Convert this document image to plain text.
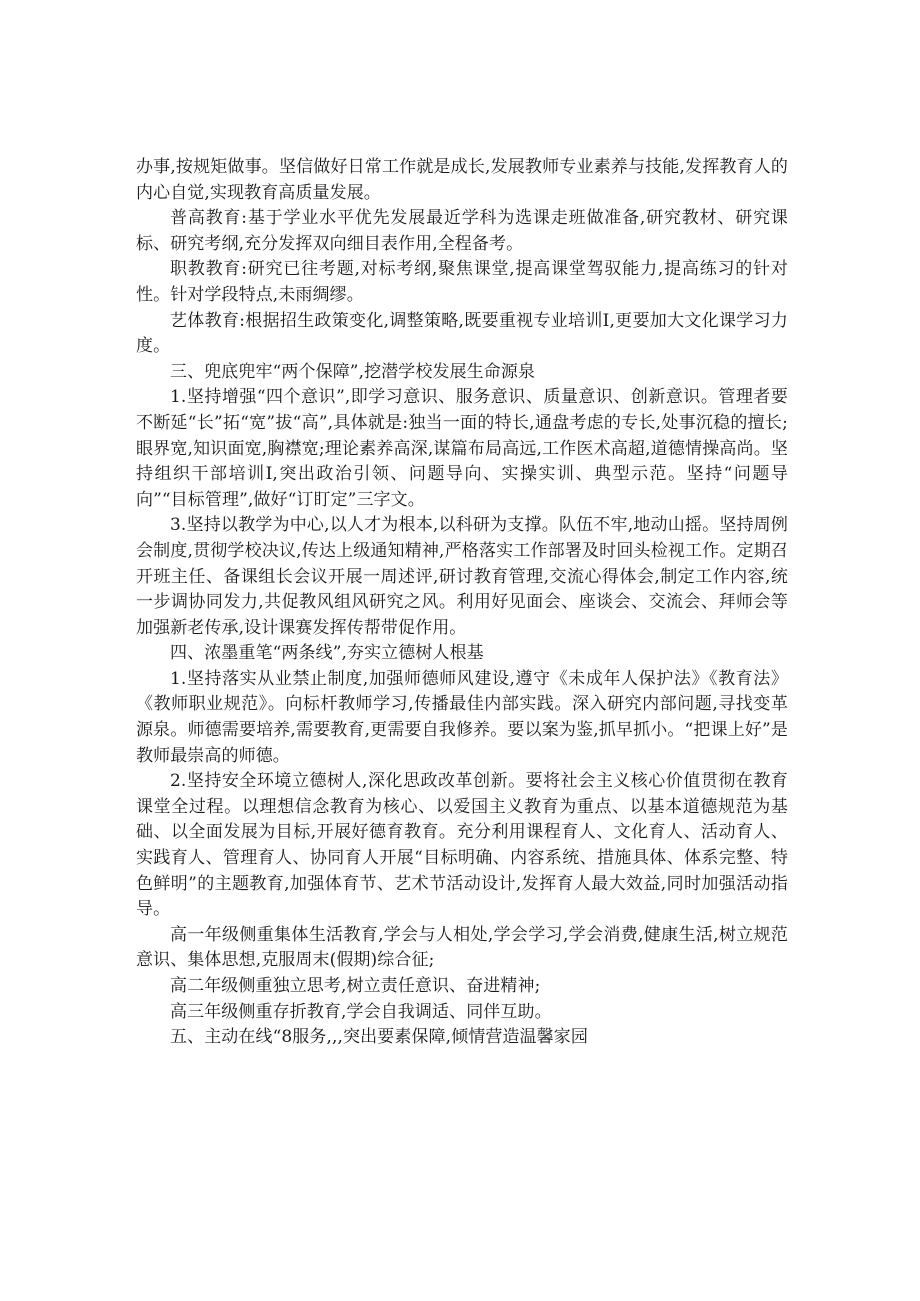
办事,按规矩做事。坚信做好日常工作就是成长,发展教师专业素养与技能,发挥教育人的内心自觉,实现教育高质量发展。

普高教育:基于学业水平优先发展最近学科为选课走班做准备,研究教材、研究课标、研究考纲,充分发挥双向细目表作用,全程备考。

职教教育:研究已往考题,对标考纲,聚焦课堂,提高课堂驾驭能力,提高练习的针对性。针对学段特点,未雨绸缪。

艺体教育:根据招生政策变化,调整策略,既要重视专业培训I,更要加大文化课学习力度。

三、兜底兜牢“两个保障”,挖潜学校发展生命源泉

1.坚持增强“四个意识”,即学习意识、服务意识、质量意识、创新意识。管理者要不断延“长”拓“宽”拔“高”,具体就是:独当一面的特长,通盘考虑的专长,处事沉稳的擅长;眼界宽,知识面宽,胸襟宽;理论素养高深,谋篇布局高远,工作医术高超,道德情操高尚。坚持组织干部培训I,突出政治引领、问题导向、实操实训、典型示范。坚持“问题导向”“目标管理”,做好“订盯定”三字文。

3.坚持以教学为中心,以人才为根本,以科研为支撑。队伍不牢,地动山摇。坚持周例会制度,贯彻学校决议,传达上级通知精神,严格落实工作部署及时回头检视工作。定期召开班主任、备课组长会议开展一周述评,研讨教育管理,交流心得体会,制定工作内容,统一步调协同发力,共促教风组风研究之风。利用好见面会、座谈会、交流会、拜师会等加强新老传承,设计课赛发挥传帮带促作用。

四、浓墨重笔“两条线”,夯实立德树人根基

1.坚持落实从业禁止制度,加强师德师风建设,遵守《未成年人保护法》《教育法》《教师职业规范》。向标杆教师学习,传播最佳内部实践。深入研究内部问题,寻找变革源泉。师德需要培养,需要教育,更需要自我修养。要以案为鉴,抓早抓小。“把课上好”是教师最崇高的师德。

2.坚持安全环境立德树人,深化思政改革创新。要将社会主义核心价值贯彻在教育课堂全过程。以理想信念教育为核心、以爱国主义教育为重点、以基本道德规范为基础、以全面发展为目标,开展好德育教育。充分利用课程育人、文化育人、活动育人、实践育人、管理育人、协同育人开展“目标明确、内容系统、措施具体、体系完整、特色鲜明”的主题教育,加强体育节、艺术节活动设计,发挥育人最大效益,同时加强活动指导。

高一年级侧重集体生活教育,学会与人相处,学会学习,学会消费,健康生活,树立规范意识、集体思想,克服周末(假期)综合征;

高二年级侧重独立思考,树立责任意识、奋进精神;

高三年级侧重存折教育,学会自我调适、同伴互助。

五、主动在线“8服务,,,突出要素保障,倾情营造温馨家园
